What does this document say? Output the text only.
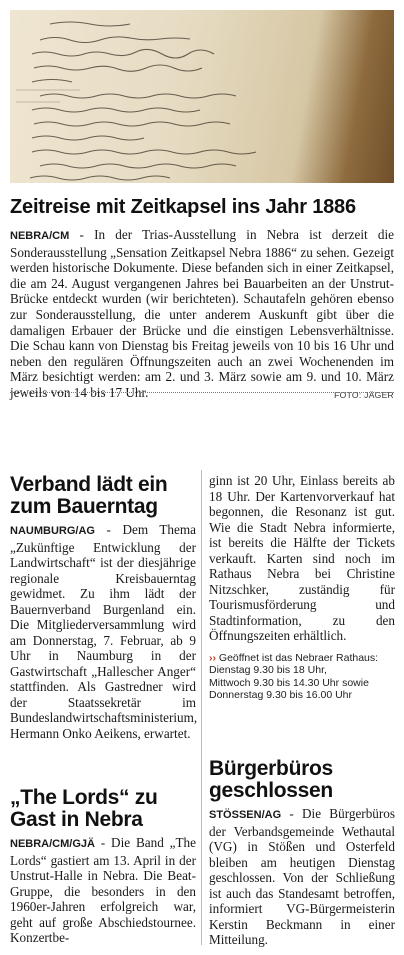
Zeitreise mit Zeitkapsel ins Jahr 1886
NEBRA/CM - In der Trias-Ausstellung in Nebra ist derzeit die Sonderausstellung „Sensation Zeitkapsel Nebra 1886“ zu sehen. Gezeigt werden historische Dokumente. Diese befanden sich in einer Zeitkapsel, die am 24. August vergangenen Jahres bei Bauarbeiten an der Unstrut-Brücke entdeckt wurden (wir berichteten). Schautafeln gehören ebenso zur Sonderausstellung, die unter anderem Auskunft gibt über die damaligen Erbauer der Brücke und die einstigen Lebensverhältnisse. Die Schau kann von Dienstag bis Freitag jeweils von 10 bis 16 Uhr und neben den regulären Öffnungszeiten auch an zwei Wochenenden im März besichtigt werden: am 2. und 3. März sowie am 9. und 10. März jeweils von 14 bis 17 Uhr.	FOTO: JÄGER
Verband lädt ein zum Bauerntag
NAUMBURG/AG - Dem Thema „Zukünftige Entwicklung der Landwirtschaft“ ist der diesjährige regionale Kreisbauerntag gewidmet. Zu ihm lädt der Bauernverband Burgenland ein. Die Mitgliederversammlung wird am Donnerstag, 7. Februar, ab 9 Uhr in Naumburg in der Gastwirtschaft „Hallescher Anger“ stattfinden. Als Gastredner wird der Staatssekretär im Bundeslandwirtschaftsministerium, Hermann Onko Aeikens, erwartet.
„The Lords“ zu Gast in Nebra
NEBRA/CM/GJÄ - Die Band „The Lords“ gastiert am 13. April in der Unstrut-Halle in Nebra. Die Beat-Gruppe, die besonders in den 1960er-Jahren erfolgreich war, geht auf große Abschiedstournee. Konzertbe-
ginn ist 20 Uhr, Einlass bereits ab 18 Uhr. Der Kartenvorverkauf hat begonnen, die Resonanz ist gut. Wie die Stadt Nebra informierte, ist bereits die Hälfte der Tickets verkauft. Karten sind noch im Rathaus Nebra bei Christine Nitzschker, zuständig für Tourismusförderung und Stadtinformation, zu den Öffnungszeiten erhältlich.
›› Geöffnet ist das Nebraer Rathaus:
Dienstag 9.30 bis 18 Uhr,
Mittwoch 9.30 bis 14.30 Uhr sowie
Donnerstag 9.30 bis 16.00 Uhr
Bürgerbüros geschlossen
STÖSSEN/AG - Die Bürgerbüros der Verbandsgemeinde Wethautal (VG) in Stößen und Osterfeld bleiben am heutigen Dienstag geschlossen. Von der Schließung ist auch das Standesamt betroffen, informiert VG-Bürgermeisterin Kerstin Beckmann in einer Mitteilung.
